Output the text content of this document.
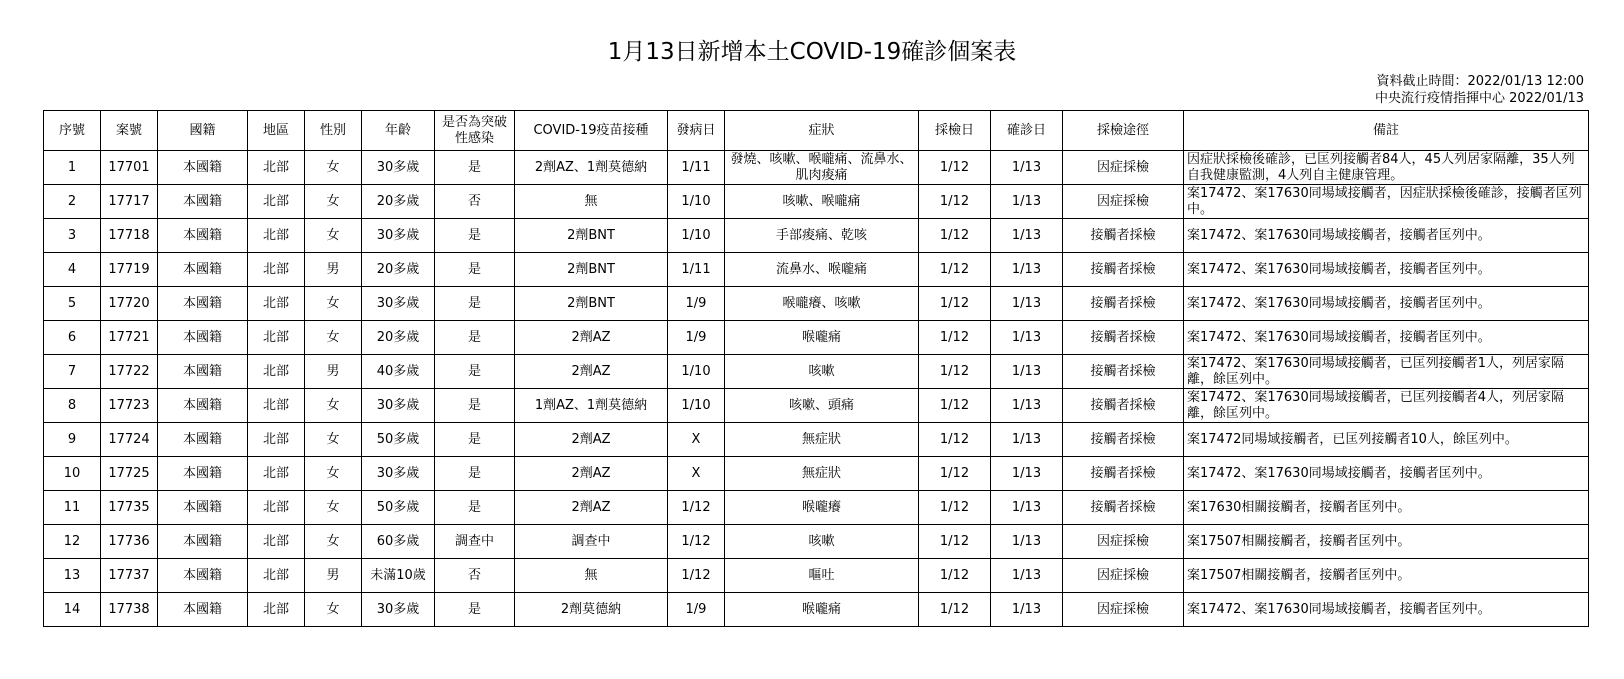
1月13日新增本土COVID-19確診個案表
資料截止時間：2022/01/13 12:00
中央流行疫情指揮中心 2022/01/13
序號	案號	國籍	地區	性別	年齡	是否為突破性感染	COVID-19疫苗接種	發病日	症狀	採檢日	確診日	採檢途徑	備註
1	17701	本國籍	北部	女	30多歲	是	2劑AZ、1劑莫德納	1/11	發燒、咳嗽、喉嚨痛、流鼻水、肌肉痠痛	1/12	1/13	因症採檢	因症狀採檢後確診，已匡列接觸者84人，45人列居家隔離，35人列自我健康監測，4人列自主健康管理。
2	17717	本國籍	北部	女	20多歲	否	無	1/10	咳嗽、喉嚨痛	1/12	1/13	因症採檢	案17472、案17630同場域接觸者，因症狀採檢後確診，接觸者匡列中。
3	17718	本國籍	北部	女	30多歲	是	2劑BNT	1/10	手部痠痛、乾咳	1/12	1/13	接觸者採檢	案17472、案17630同場域接觸者，接觸者匡列中。
4	17719	本國籍	北部	男	20多歲	是	2劑BNT	1/11	流鼻水、喉嚨痛	1/12	1/13	接觸者採檢	案17472、案17630同場域接觸者，接觸者匡列中。
5	17720	本國籍	北部	女	30多歲	是	2劑BNT	1/9	喉嚨癢、咳嗽	1/12	1/13	接觸者採檢	案17472、案17630同場域接觸者，接觸者匡列中。
6	17721	本國籍	北部	女	20多歲	是	2劑AZ	1/9	喉嚨痛	1/12	1/13	接觸者採檢	案17472、案17630同場域接觸者，接觸者匡列中。
7	17722	本國籍	北部	男	40多歲	是	2劑AZ	1/10	咳嗽	1/12	1/13	接觸者採檢	案17472、案17630同場域接觸者，已匡列接觸者1人，列居家隔離，餘匡列中。
8	17723	本國籍	北部	女	30多歲	是	1劑AZ、1劑莫德納	1/10	咳嗽、頭痛	1/12	1/13	接觸者採檢	案17472、案17630同場域接觸者，已匡列接觸者4人，列居家隔離，餘匡列中。
9	17724	本國籍	北部	女	50多歲	是	2劑AZ	X	無症狀	1/12	1/13	接觸者採檢	案17472同場域接觸者，已匡列接觸者10人，餘匡列中。
10	17725	本國籍	北部	女	30多歲	是	2劑AZ	X	無症狀	1/12	1/13	接觸者採檢	案17472、案17630同場域接觸者，接觸者匡列中。
11	17735	本國籍	北部	女	50多歲	是	2劑AZ	1/12	喉嚨癢	1/12	1/13	接觸者採檢	案17630相關接觸者，接觸者匡列中。
12	17736	本國籍	北部	女	60多歲	調查中	調查中	1/12	咳嗽	1/12	1/13	因症採檢	案17507相關接觸者，接觸者匡列中。
13	17737	本國籍	北部	男	未滿10歲	否	無	1/12	嘔吐	1/12	1/13	因症採檢	案17507相關接觸者，接觸者匡列中。
14	17738	本國籍	北部	女	30多歲	是	2劑莫德納	1/9	喉嚨痛	1/12	1/13	因症採檢	案17472、案17630同場域接觸者，接觸者匡列中。
